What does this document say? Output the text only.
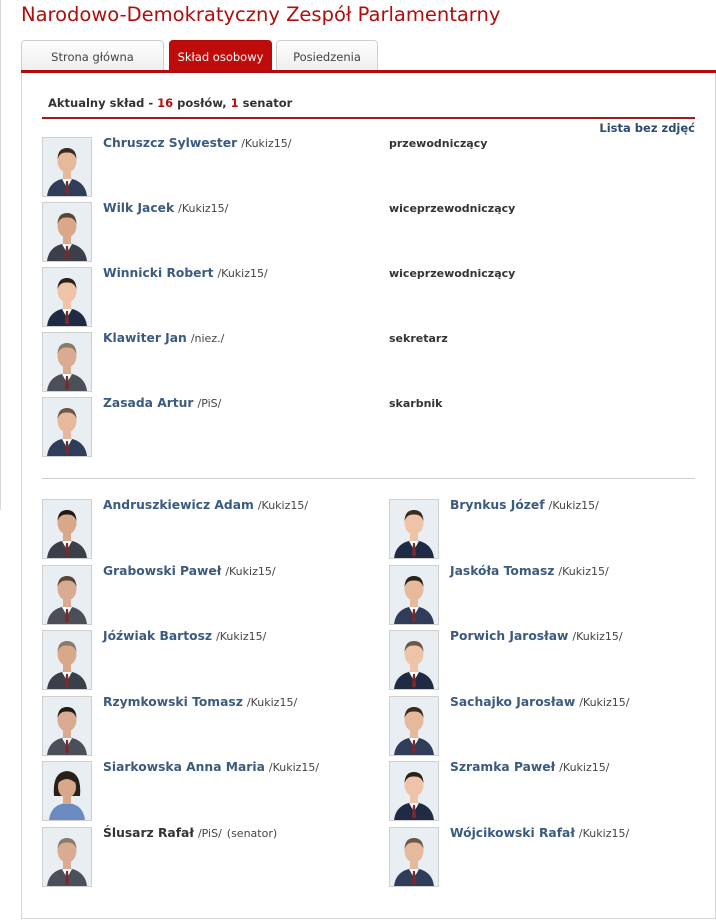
Narodowo-Demokratyczny Zespół Parlamentarny
Strona główna	Skład osobowy	Posiedzenia
Aktualny skład - 16 posłów, 1 senator
Lista bez zdjęć
Chruszcz Sylwester /Kukiz15/	przewodniczący
Wilk Jacek /Kukiz15/	wiceprzewodniczący
Winnicki Robert /Kukiz15/	wiceprzewodniczący
Klawiter Jan /niez./	sekretarz
Zasada Artur /PiS/	skarbnik
Andruszkiewicz Adam /Kukiz15/	Brynkus Józef /Kukiz15/
Grabowski Paweł /Kukiz15/	Jaskóła Tomasz /Kukiz15/
Jóźwiak Bartosz /Kukiz15/	Porwich Jarosław /Kukiz15/
Rzymkowski Tomasz /Kukiz15/	Sachajko Jarosław /Kukiz15/
Siarkowska Anna Maria /Kukiz15/	Szramka Paweł /Kukiz15/
Ślusarz Rafał /PiS/ (senator)	Wójcikowski Rafał /Kukiz15/
